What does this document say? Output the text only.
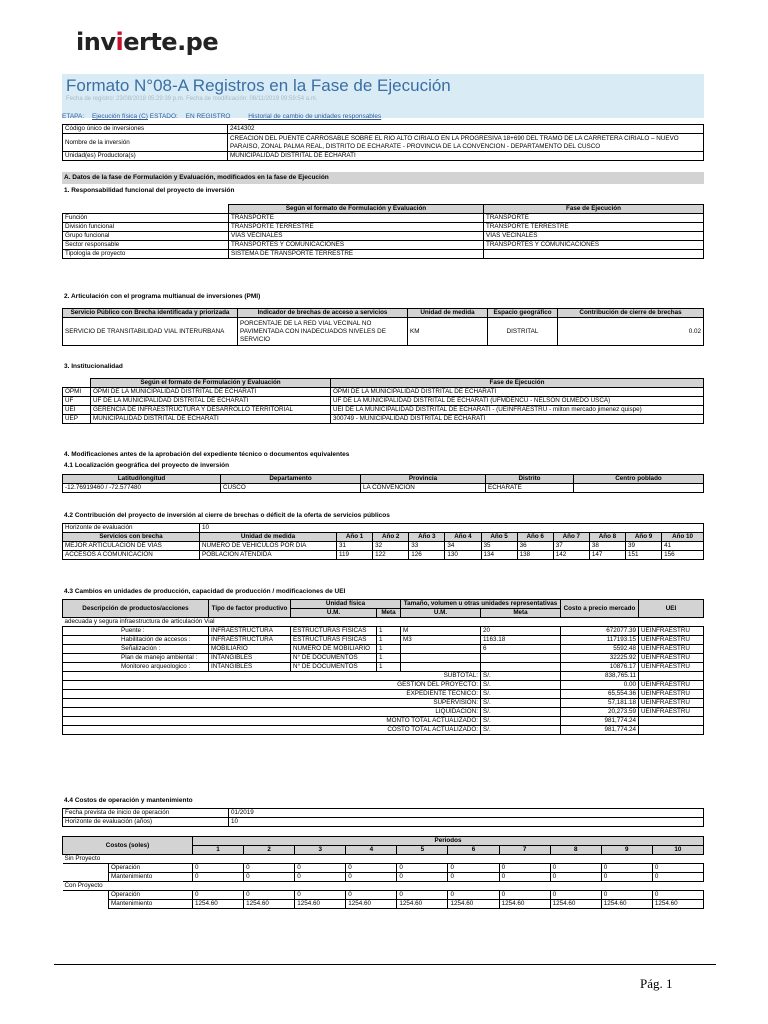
invierte.pe
Formato N°08-A Registros en la Fase de Ejecución
Fecha de registro: 23/08/2018 05:29:39 p.m. Fecha de modificación: 08/11/2019 09:59:54 a.m.
ETAPA: Ejecución física (C) ESTADO: EN REGISTRO	Historial de cambio de unidades responsables
Código único de inversiones	2414302
Nombre de la inversión	CREACION DEL PUENTE CARROSABLE SOBRE EL RIO ALTO CIRIALO EN LA PROGRESIVA 18+690 DEL TRAMO DE LA CARRETERA CIRIALO – NUEVO PARAISO, ZONAL PALMA REAL, DISTRITO DE ECHARATE - PROVINCIA DE LA CONVENCION - DEPARTAMENTO DEL CUSCO
Unidad(es) Productora(s)	MUNICIPALIDAD DISTRITAL DE ECHARATI
A. Datos de la fase de Formulación y Evaluación, modificados en la fase de Ejecución
1. Responsabilidad funcional del proyecto de inversión
	Según el formato de Formulación y Evaluación	Fase de Ejecución
Función	TRANSPORTE	TRANSPORTE
División funcional	TRANSPORTE TERRESTRE	TRANSPORTE TERRESTRE
Grupo funcional	VÍAS VECINALES	VÍAS VECINALES
Sector responsable	TRANSPORTES Y COMUNICACIONES	TRANSPORTES Y COMUNICACIONES
Tipología de proyecto	SISTEMA DE TRANSPORTE TERRESTRE	
2. Articulación con el programa multianual de inversiones (PMI)
Servicio Público con Brecha identificada y priorizada	Indicador de brechas de acceso a servicios	Unidad de medida	Espacio geográfico	Contribución de cierre de brechas
SERVICIO DE TRANSITABILIDAD VIAL INTERURBANA	PORCENTAJE DE LA RED VIAL VECINAL NO PAVIMENTADA CON INADECUADOS NIVELES DE SERVICIO	KM	DISTRITAL	0.02
3. Institucionalidad
	Según el formato de Formulación y Evaluación	Fase de Ejecución
OPMI	OPMI DE LA MUNICIPALIDAD DISTRITAL DE ECHARATI	OPMI DE LA MUNICIPALIDAD DISTRITAL DE ECHARATI
UF	UF DE LA MUNICIPALIDAD DISTRITAL DE ECHARATI	UF DE LA MUNICIPALIDAD DISTRITAL DE ECHARATI (UFMDENCU - NELSON OLMEDO USCA)
UEI	GERENCIA DE INFRAESTRUCTURA Y DESARROLLO TERRITORIAL	UEI DE LA MUNICIPALIDAD DISTRITAL DE ECHARATI - (UEINFRAESTRU - milton mercado jimenez quispe)
UEP	MUNICIPALIDAD DISTRITAL DE ECHARATI	300749 - MUNICIPALIDAD DISTRITAL DE ECHARATI
4. Modificaciones antes de la aprobación del expediente técnico o documentos equivalentes
4.1 Localización geográfica del proyecto de inversión
Latitud/longitud	Departamento	Provincia	Distrito	Centro poblado
-12.76919460 / -72.577480	CUSCO	LA CONVENCION	ECHARATE	
4.2 Contribución del proyecto de inversión al cierre de brechas o déficit de la oferta de servicios públicos
Horizonte de evaluación	10										
Servicios con brecha	Unidad de medida	Año 1	Año 2	Año 3	Año 4	Año 5	Año 6	Año 7	Año 8	Año 9	Año 10
MEJOR ARTICULACION DE VIAS	NUMERO DE VEHICULOS POR DIA	31	32	33	34	35	36	37	38	39	41
ACCESOS A COMUNICACION	POBLACION ATENDIDA	119	122	126	130	134	138	142	147	151	156
4.3 Cambios en unidades de producción, capacidad de producción / modificaciones de UEI
Descripción de productos/acciones	Tipo de factor productivo	Unidad física		Tamaño, volumen u otras unidades representativas		Costo a precio mercado	UEI
		U.M.	Meta	U.M.	Meta		
adecuada y segura infraestructura de articulación Vial							
Puente :	INFRAESTRUCTURA	ESTRUCTURAS FISICAS	1	M	20	672077.39	UEINFRAESTRU
Habilitación de accesos :	INFRAESTRUCTURA	ESTRUCTURAS FISICAS	1	M3	1163.18	117193.15	UEINFRAESTRU
Señalización :	MOBILIARIO	NUMERO DE MOBILIARIO	1		6	5592.48	UEINFRAESTRU
Plan de manejo ambiental :	INTANGIBLES	N° DE DOCUMENTOS	1			32225.92	UEINFRAESTRU
Monitoreo arqueologico :	INTANGIBLES	N° DE DOCUMENTOS	1			10876.17	UEINFRAESTRU
SUBTOTAL:					S/.	838,765.11	
GESTION DEL PROYECTO:					S/.	0.00	UEINFRAESTRU
EXPEDIENTE TECNICO:					S/.	65,554.36	UEINFRAESTRU
SUPERVISION:					S/.	57,181.18	UEINFRAESTRU
LIQUIDACION:					S/.	20,273.59	UEINFRAESTRU
MONTO TOTAL ACTUALIZADO:					S/.	981,774.24	
COSTO TOTAL ACTUALIZADO:					S/.	981,774.24	
4.4 Costos de operación y mantenimiento
Fecha prevista de inicio de operación	01/2019
Horizonte de evaluación (años)	10
Costos (soles)		Periodos									
		1	2	3	4	5	6	7	8	9	10
Sin Proyecto											
	Operación	0	0	0	0	0	0	0	0	0	0
	Mantenimiento	0	0	0	0	0	0	0	0	0	0
Con Proyecto											
	Operación	0	0	0	0	0	0	0	0	0	0
	Mantenimiento	1254.60	1254.60	1254.60	1254.60	1254.60	1254.60	1254.60	1254.60	1254.60	1254.60
Pág. 1
